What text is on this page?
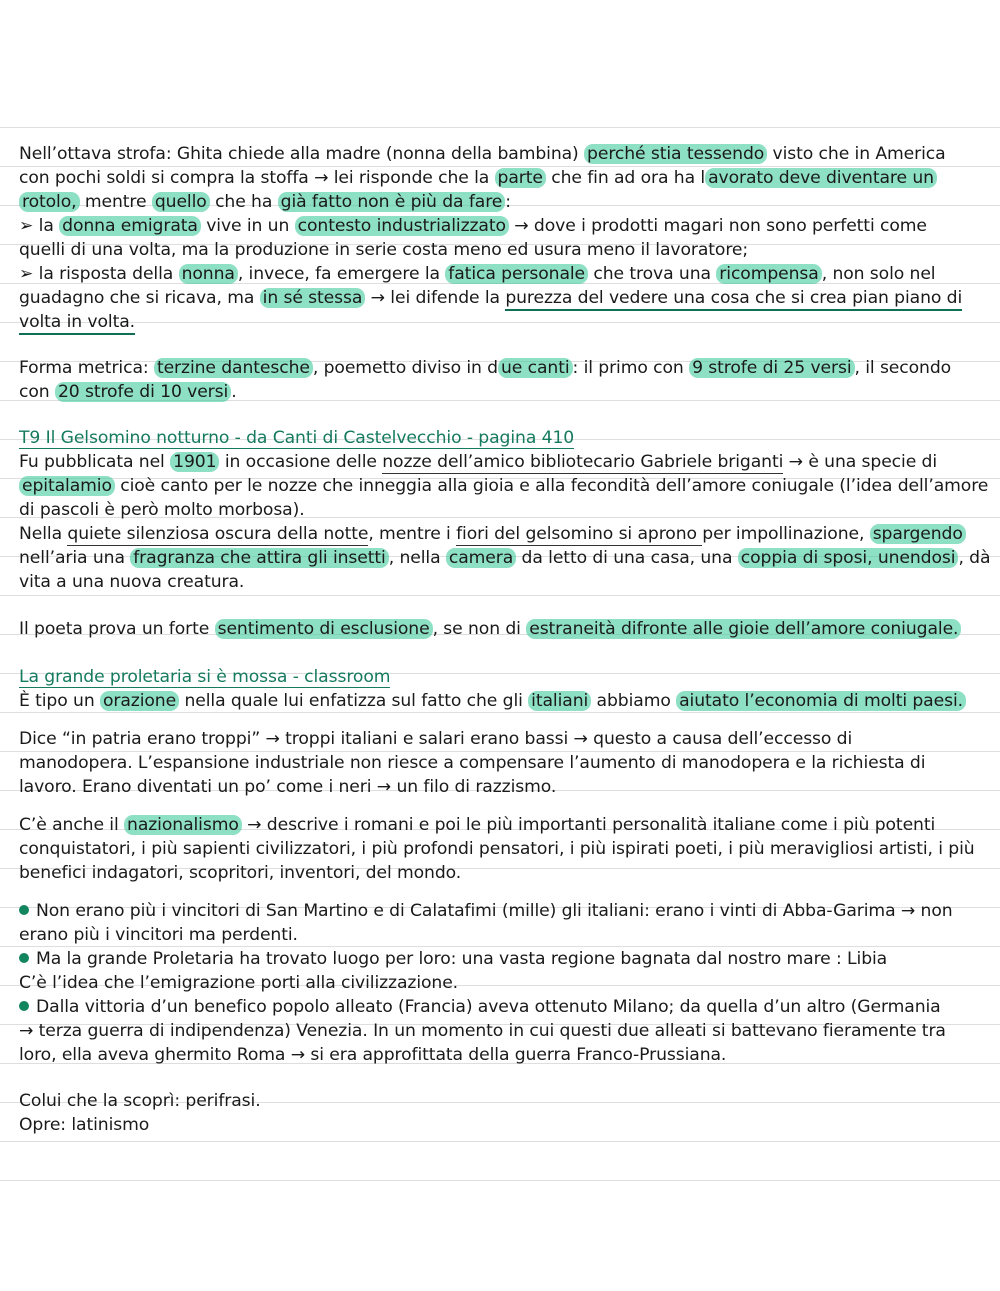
Nell’ottava strofa: Ghita chiede alla madre (nonna della bambina) perché stia tessendo visto che in America
con pochi soldi si compra la stoffa → lei risponde che la parte che fin ad ora ha l avorato deve diventare un
rotolo, mentre quello che ha già fatto non è più da fare :
➢ la donna emigrata vive in un contesto industrializzato → dove i prodotti magari non sono perfetti come
quelli di una volta, ma la produzione in serie costa meno ed usura meno il lavoratore;
➢ la risposta della nonna , invece, fa emergere la fatica personale che trova una ricompensa , non solo nel
guadagno che si ricava, ma in sé stessa → lei difende la purezza del vedere una cosa che si crea pian piano di
volta in volta.
Forma metrica: terzine dantesche , poemetto diviso in d ue canti : il primo con 9 strofe di 25 versi , il secondo
con 20 strofe di 10 versi .
T9 Il Gelsomino notturno - da Canti di Castelvecchio - pagina 410
Fu pubblicata nel 1901 in occasione delle nozze dell’amico bibliotecario Gabriele briganti → è una specie di
epitalamio cioè canto per le nozze che inneggia alla gioia e alla fecondità dell’amore coniugale (l’idea dell’amore
di pascoli è però molto morbosa).
Nella quiete silenziosa oscura della notte, mentre i fiori del gelsomino si aprono per impollinazione, spargendo
nell’aria una fragranza che attira gli insetti , nella camera da letto di una casa, una coppia di sposi, unendosi , dà
vita a una nuova creatura.
Il poeta prova un forte sentimento di esclusione , se non di estraneità difronte alle gioie dell’amore coniugale.
La grande proletaria si è mossa - classroom
È tipo un orazione nella quale lui enfatizza sul fatto che gli italiani abbiamo aiutato l’economia di molti paesi.
Dice “in patria erano troppi” → troppi italiani e salari erano bassi → questo a causa dell’eccesso di
manodopera. L’espansione industriale non riesce a compensare l’aumento di manodopera e la richiesta di
lavoro. Erano diventati un po’ come i neri → un filo di razzismo.
C’è anche il nazionalismo → descrive i romani e poi le più importanti personalità italiane come i più potenti
conquistatori, i più sapienti civilizzatori, i più profondi pensatori, i più ispirati poeti, i più meravigliosi artisti, i più
benefici indagatori, scopritori, inventori, del mondo.
Non erano più i vincitori di San Martino e di Calatafimi (mille) gli italiani: erano i vinti di Abba-Garima → non
erano più i vincitori ma perdenti.
Ma la grande Proletaria ha trovato luogo per loro: una vasta regione bagnata dal nostro mare : Libia
C’è l’idea che l’emigrazione porti alla civilizzazione.
Dalla vittoria d’un benefico popolo alleato (Francia) aveva ottenuto Milano; da quella d’un altro (Germania
→ terza guerra di indipendenza) Venezia. In un momento in cui questi due alleati si battevano fieramente tra
loro, ella aveva ghermito Roma → si era approfittata della guerra Franco-Prussiana.
Colui che la scoprì: perifrasi.
Opre: latinismo
